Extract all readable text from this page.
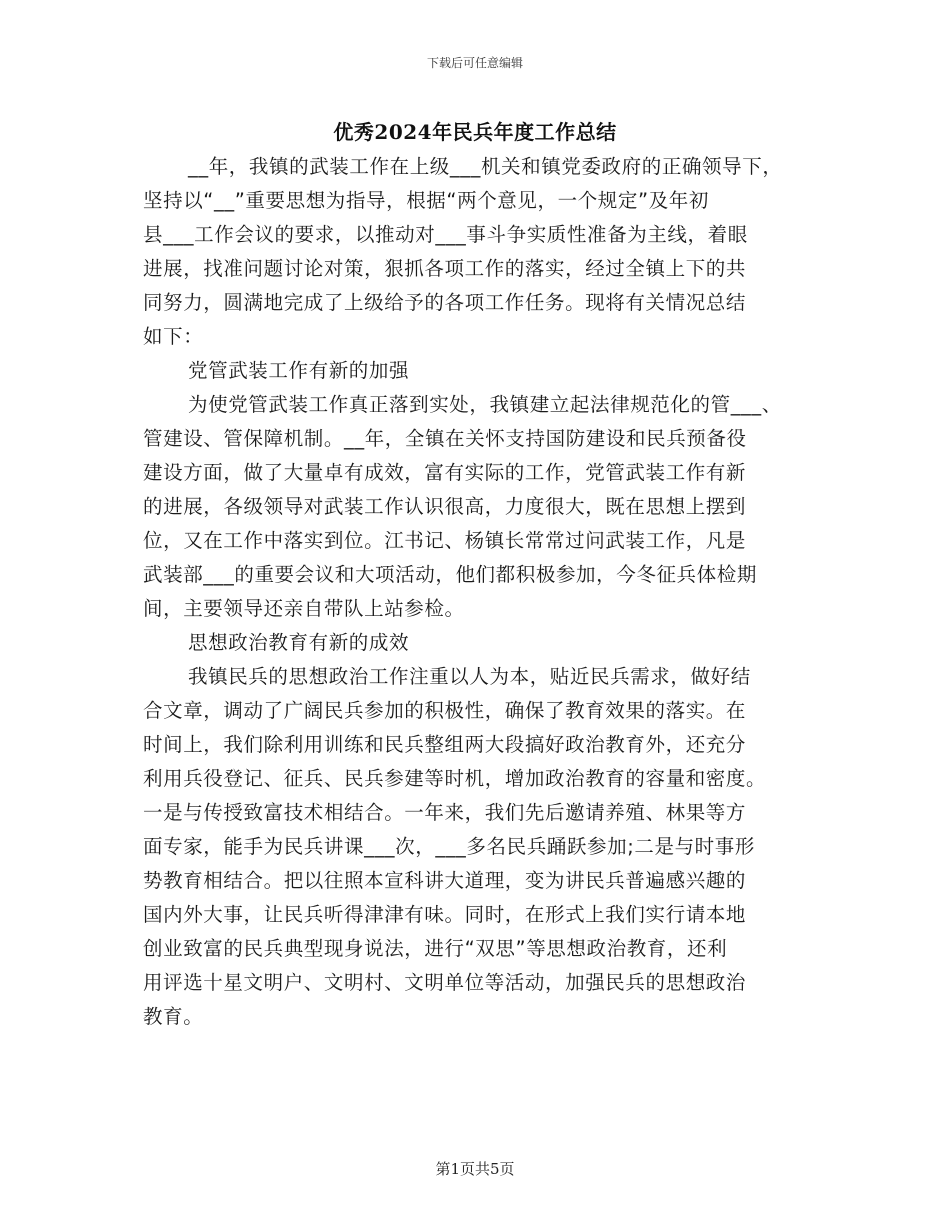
下载后可任意编辑
优秀2024年民兵年度工作总结
__年，我镇的武装工作在上级___机关和镇党委政府的正确领导下，
坚持以“__”重要思想为指导，根据“两个意见，一个规定”及年初
县___工作会议的要求，以推动对___事斗争实质性准备为主线，着眼
进展，找准问题讨论对策，狠抓各项工作的落实，经过全镇上下的共
同努力，圆满地完成了上级给予的各项工作任务。现将有关情况总结
如下：
党管武装工作有新的加强
为使党管武装工作真正落到实处，我镇建立起法律规范化的管___、
管建设、管保障机制。__年，全镇在关怀支持国防建设和民兵预备役
建设方面，做了大量卓有成效，富有实际的工作，党管武装工作有新
的进展，各级领导对武装工作认识很高，力度很大，既在思想上摆到
位，又在工作中落实到位。江书记、杨镇长常常过问武装工作，凡是
武装部___的重要会议和大项活动，他们都积极参加，今冬征兵体检期
间，主要领导还亲自带队上站参检。
思想政治教育有新的成效
我镇民兵的思想政治工作注重以人为本，贴近民兵需求，做好结
合文章，调动了广阔民兵参加的积极性，确保了教育效果的落实。在
时间上，我们除利用训练和民兵整组两大段搞好政治教育外，还充分
利用兵役登记、征兵、民兵参建等时机，增加政治教育的容量和密度。
一是与传授致富技术相结合。一年来，我们先后邀请养殖、林果等方
面专家，能手为民兵讲课___次，___多名民兵踊跃参加;二是与时事形
势教育相结合。把以往照本宣科讲大道理，变为讲民兵普遍感兴趣的
国内外大事，让民兵听得津津有味。同时，在形式上我们实行请本地
创业致富的民兵典型现身说法，进行“双思”等思想政治教育，还利
用评选十星文明户、文明村、文明单位等活动，加强民兵的思想政治
教育。
第1页共5页
